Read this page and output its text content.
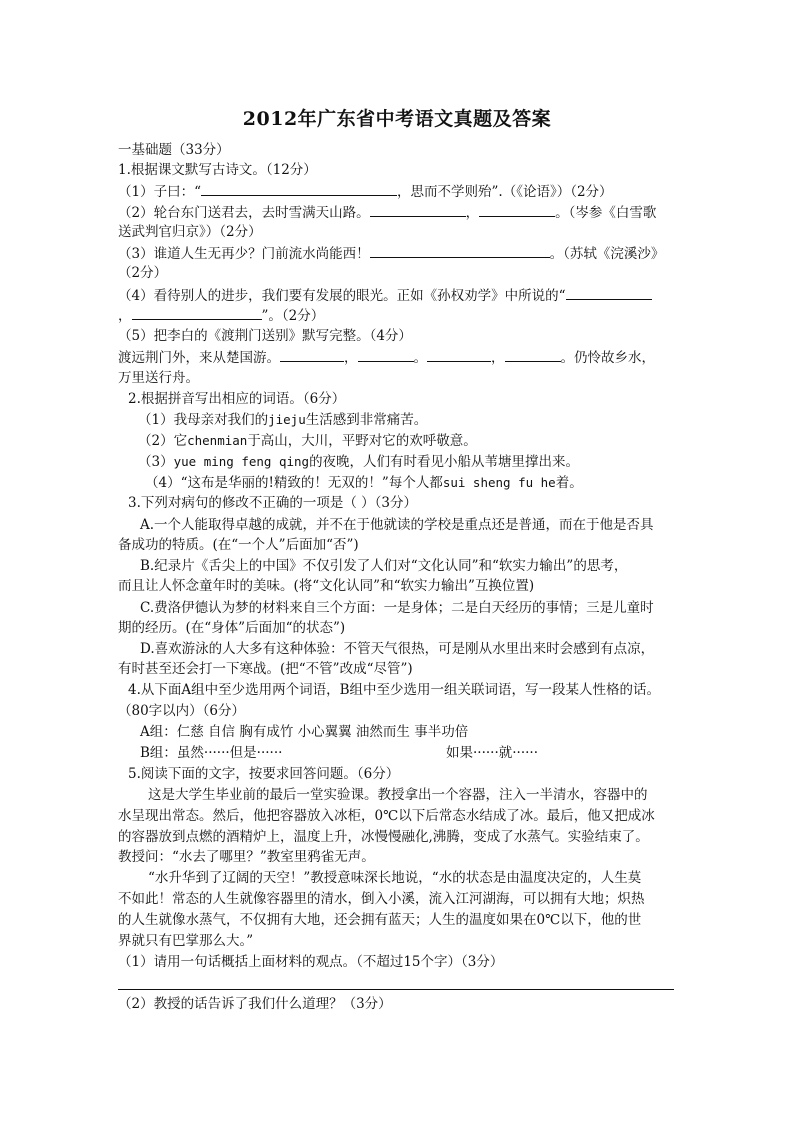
2012年广东省中考语文真题及答案
一基础题（33分）
1.根据课文默写古诗文。（12分）
（1）子曰：“	，思而不学则殆”.（《论语》）（2分）
（2）轮台东门送君去，去时雪满天山路。	，	。（岑参《白雪歌
送武判官归京》）（2分）
（3）谁道人生无再少？门前流水尚能西！	。（苏轼《浣溪沙》
（2分）
（4）看待别人的进步，我们要有发展的眼光。正如《孙权劝学》中所说的“
，	”。（2分）
（5）把李白的《渡荆门送别》默写完整。（4分）
渡远荆门外，来从楚国游。	，	。	，	。仍怜故乡水，
万里送行舟。
2.根据拼音写出相应的词语。（6分）
（1）我母亲对我们的jieju生活感到非常痛苦。
（2）它chenmian于高山，大川，平野对它的欢呼敬意。
（3）yue ming feng qing的夜晚，人们有时看见小船从苇塘里撑出来。
（4）“这布是华丽的!精致的！无双的！”每个人都sui sheng fu he着。
3.下列对病句的修改不正确的一项是（ ）（3分）
A.一个人能取得卓越的成就，并不在于他就读的学校是重点还是普通，而在于他是否具
备成功的特质。(在“一个人”后面加“否”)
B.纪录片《舌尖上的中国》不仅引发了人们对“文化认同”和“软实力输出”的思考，
而且让人怀念童年时的美味。(将“文化认同”和“软实力输出”互换位置)
C.费洛伊德认为梦的材料来自三个方面：一是身体；二是白天经历的事情；三是儿童时
期的经历。(在“身体”后面加“的状态”)
D.喜欢游泳的人大多有这种体验：不管天气很热，可是刚从水里出来时会感到有点凉，
有时甚至还会打一下寒战。(把“不管”改成“尽管”)
4.从下面A组中至少选用两个词语，B组中至少选用一组关联词语，写一段某人性格的话。
（80字以内）（6分）
A组：仁慈 自信 胸有成竹 小心翼翼 油然而生 事半功倍
B组：虽然······但是······	如果······就······
5.阅读下面的文字，按要求回答问题。（6分）
这是大学生毕业前的最后一堂实验课。教授拿出一个容器，注入一半清水，容器中的
水呈现出常态。然后，他把容器放入冰柜，0℃以下后常态水结成了冰。最后，他又把成冰
的容器放到点燃的酒精炉上，温度上升，冰慢慢融化,沸腾，变成了水蒸气。实验结束了。
教授问：“水去了哪里？”教室里鸦雀无声。
“水升华到了辽阔的天空！”教授意味深长地说，“水的状态是由温度决定的，人生莫
不如此！常态的人生就像容器里的清水，倒入小溪，流入江河湖海，可以拥有大地；炽热
的人生就像水蒸气，不仅拥有大地，还会拥有蓝天；人生的温度如果在0℃以下，他的世
界就只有巴掌那么大。”
（1）请用一句话概括上面材料的观点。（不超过15个字）（3分）
（2）教授的话告诉了我们什么道理？（3分）
